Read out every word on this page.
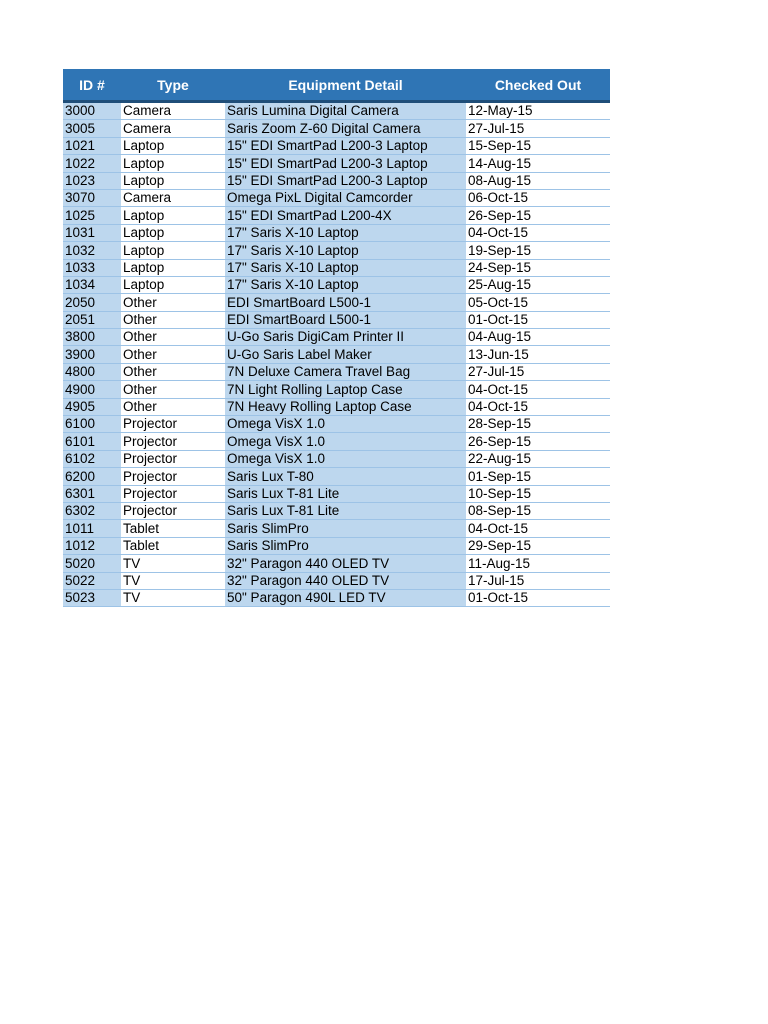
ID #	Type	Equipment Detail	Checked Out
3000	Camera	Saris Lumina Digital Camera	12-May-15
3005	Camera	Saris Zoom Z-60 Digital Camera	27-Jul-15
1021	Laptop	15" EDI SmartPad L200-3 Laptop	15-Sep-15
1022	Laptop	15" EDI SmartPad L200-3 Laptop	14-Aug-15
1023	Laptop	15" EDI SmartPad L200-3 Laptop	08-Aug-15
3070	Camera	Omega PixL Digital Camcorder	06-Oct-15
1025	Laptop	15" EDI SmartPad L200-4X	26-Sep-15
1031	Laptop	17" Saris X-10 Laptop	04-Oct-15
1032	Laptop	17" Saris X-10 Laptop	19-Sep-15
1033	Laptop	17" Saris X-10 Laptop	24-Sep-15
1034	Laptop	17" Saris X-10 Laptop	25-Aug-15
2050	Other	EDI SmartBoard L500-1	05-Oct-15
2051	Other	EDI SmartBoard L500-1	01-Oct-15
3800	Other	U-Go Saris DigiCam Printer II	04-Aug-15
3900	Other	U-Go Saris Label Maker	13-Jun-15
4800	Other	7N Deluxe Camera Travel Bag	27-Jul-15
4900	Other	7N Light Rolling Laptop Case	04-Oct-15
4905	Other	7N Heavy Rolling Laptop Case	04-Oct-15
6100	Projector	Omega VisX 1.0	28-Sep-15
6101	Projector	Omega VisX 1.0	26-Sep-15
6102	Projector	Omega VisX 1.0	22-Aug-15
6200	Projector	Saris Lux T-80	01-Sep-15
6301	Projector	Saris Lux T-81 Lite	10-Sep-15
6302	Projector	Saris Lux T-81 Lite	08-Sep-15
1011	Tablet	Saris SlimPro	04-Oct-15
1012	Tablet	Saris SlimPro	29-Sep-15
5020	TV	32" Paragon 440 OLED TV	11-Aug-15
5022	TV	32" Paragon 440 OLED TV	17-Jul-15
5023	TV	50" Paragon 490L LED TV	01-Oct-15
